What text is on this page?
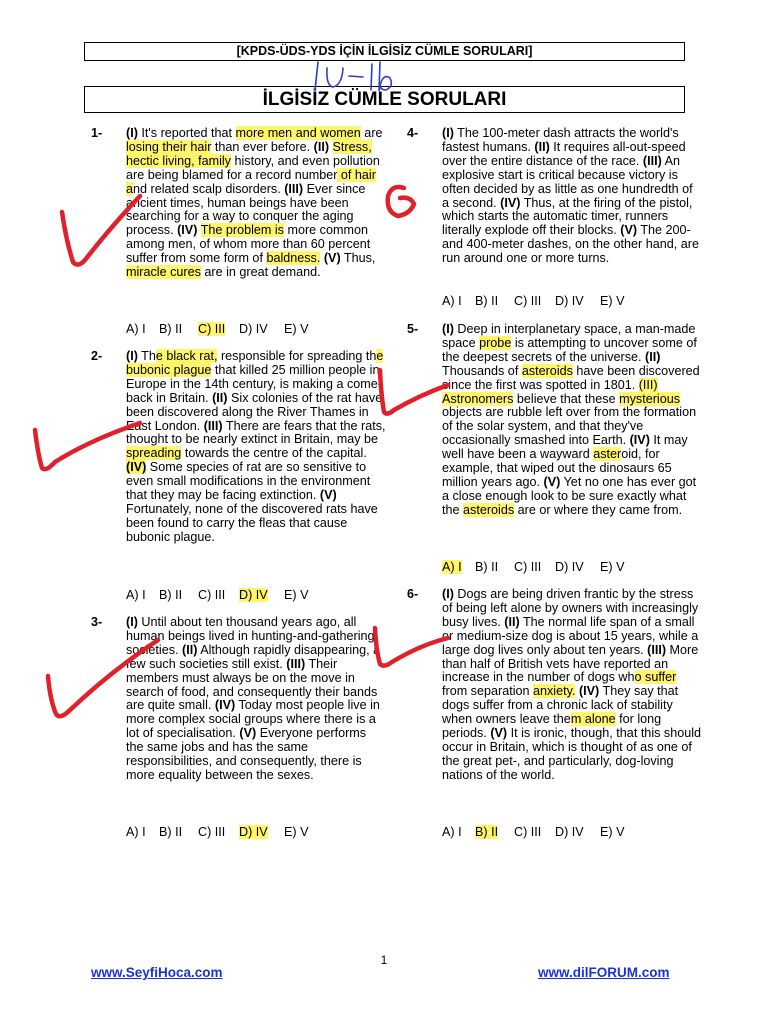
[KPDS-ÜDS-YDS İÇİN İLGİSİZ CÜMLE SORULARI]
İLGİSİZ CÜMLE SORULARI
1- (I) It's reported that more men and women are losing their hair than ever before. (II) Stress, hectic living, family history, and even pollution are being blamed for a record number of hair and related scalp disorders. (III) Ever since ancient times, human beings have been searching for a way to conquer the aging process. (IV) The problem is more common among men, of whom more than 60 percent suffer from some form of baldness. (V) Thus, miracle cures are in great demand.
A) I B) II C) III D) IV E) V
2- (I) The black rat, responsible for spreading the bubonic plague that killed 25 million people in Europe in the 14th century, is making a come-back in Britain. (II) Six colonies of the rat have been discovered along the River Thames in East London. (III) There are fears that the rats, thought to be nearly extinct in Britain, may be spreading towards the centre of the capital. (IV) Some species of rat are so sensitive to even small modifications in the environment that they may be facing extinction. (V) Fortunately, none of the discovered rats have been found to carry the fleas that cause bubonic plague.
A) I B) II C) III D) IV E) V
3- (I) Until about ten thousand years ago, all human beings lived in hunting-and-gathering societies. (II) Although rapidly disappearing, a few such societies still exist. (III) Their members must always be on the move in search of food, and consequently their bands are quite small. (IV) Today most people live in more complex social groups where there is a lot of specialisation. (V) Everyone performs the same jobs and has the same responsibilities, and consequently, there is more equality between the sexes.
A) I B) II C) III D) IV E) V
4- (I) The 100-meter dash attracts the world's fastest humans. (II) It requires all-out-speed over the entire distance of the race. (III) An explosive start is critical because victory is often decided by as little as one hundredth of a second. (IV) Thus, at the firing of the pistol, which starts the automatic timer, runners literally explode off their blocks. (V) The 200- and 400-meter dashes, on the other hand, are run around one or more turns.
A) I B) II C) III D) IV E) V
5- (I) Deep in interplanetary space, a man-made space probe is attempting to uncover some of the deepest secrets of the universe. (II) Thousands of asteroids have been discovered since the first was spotted in 1801. (III) Astronomers believe that these mysterious objects are rubble left over from the formation of the solar system, and that they've occasionally smashed into Earth. (IV) It may well have been a wayward asteroid, for example, that wiped out the dinosaurs 65 million years ago. (V) Yet no one has ever got a close enough look to be sure exactly what the asteroids are or where they came from.
A) I B) II C) III D) IV E) V
6- (I) Dogs are being driven frantic by the stress of being left alone by owners with increasingly busy lives. (II) The normal life span of a small or medium-size dog is about 15 years, while a large dog lives only about ten years. (III) More than half of British vets have reported an increase in the number of dogs who suffer from separation anxiety. (IV) They say that dogs suffer from a chronic lack of stability when owners leave them alone for long periods. (V) It is ironic, though, that this should occur in Britain, which is thought of as one of the great pet-, and particularly, dog-loving nations of the world.
A) I B) II C) III D) IV E) V
1
www.SeyfiHoca.com	www.dilFORUM.com
1U – 1b
e
